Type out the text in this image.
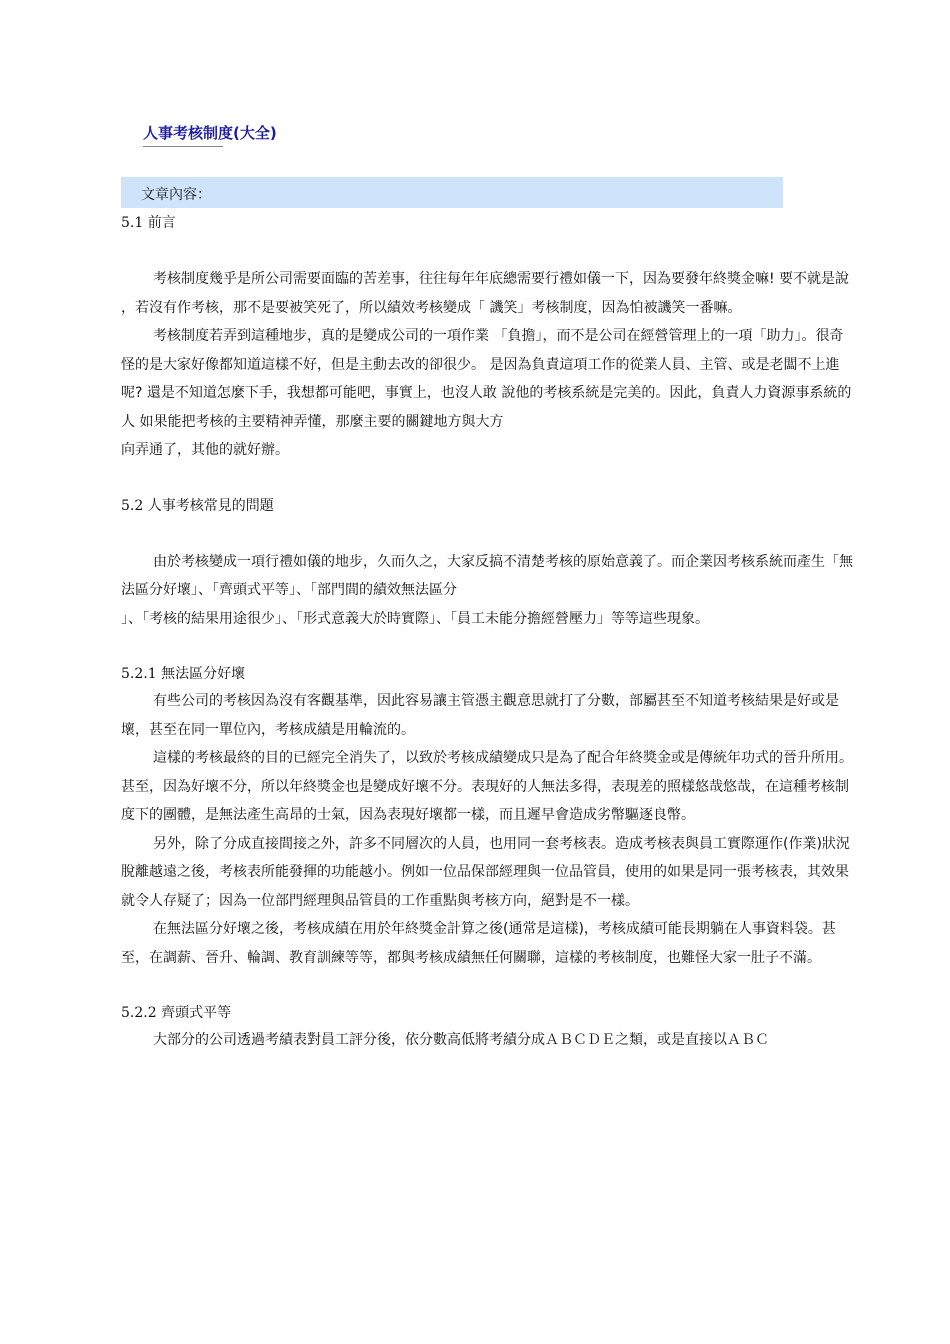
人事考核制度(大全)
文章內容：

5.1 前言

考核制度幾乎是所公司需要面臨的苦差事，往往每年年底總需要行禮如儀一下，因為要發年終獎金嘛! 要不就是說 ，若沒有作考核，那不是要被笑死了，所以績效考核變成「 譏笑」考核制度，因為怕被譏笑一番嘛。

考核制度若弄到這種地步，真的是變成公司的一項作業 「負擔」，而不是公司在經營管理上的一項「助力」。很奇 怪的是大家好像都知道這樣不好，但是主動去改的卻很少。 是因為負責這項工作的從業人員、主管、或是老闆不上進呢? 還是不知道怎麼下手，我想都可能吧，事實上，也沒人敢 說他的考核系統是完美的。因此，負責人力資源事系統的人 如果能把考核的主要精神弄懂，那麼主要的關鍵地方與大方

向弄通了，其他的就好辦。

5.2 人事考核常見的問題

由於考核變成一項行禮如儀的地步，久而久之，大家反搞不清楚考核的原始意義了。而企業因考核系統而產生「無法區分好壞」、「齊頭式平等」、「部門間的績效無法區分

」、「考核的結果用途很少」、「形式意義大於時實際」、「員工未能分擔經營壓力」等等這些現象。

5.2.1 無法區分好壞

有些公司的考核因為沒有客觀基準，因此容易讓主管憑主觀意思就打了分數，部屬甚至不知道考核結果是好或是壞，甚至在同一單位內，考核成績是用輪流的。

這樣的考核最終的目的已經完全消失了，以致於考核成績變成只是為了配合年終獎金或是傳統年功式的晉升所用。甚至，因為好壞不分，所以年終獎金也是變成好壞不分。表現好的人無法多得，表現差的照樣悠哉悠哉，在這種考核制度下的團體，是無法產生高昂的士氣，因為表現好壞都一樣，而且遲早會造成劣幣驅逐良幣。

另外，除了分成直接間接之外，許多不同層次的人員，也用同一套考核表。造成考核表與員工實際運作(作業)狀況脫離越遠之後，考核表所能發揮的功能越小。例如一位品保部經理與一位品管員，使用的如果是同一張考核表，其效果就令人存疑了；因為一位部門經理與品管員的工作重點與考核方向，絕對是不一樣。

在無法區分好壞之後，考核成績在用於年終獎金計算之後(通常是這樣)，考核成績可能長期躺在人事資料袋。甚至，在調薪、晉升、輪調、教育訓練等等，都與考核成績無任何關聯，這樣的考核制度，也難怪大家一肚子不滿。

5.2.2 齊頭式平等

大部分的公司透過考績表對員工評分後，依分數高低將考績分成ＡＢＣＤＥ之類，或是直接以ＡＢＣ
